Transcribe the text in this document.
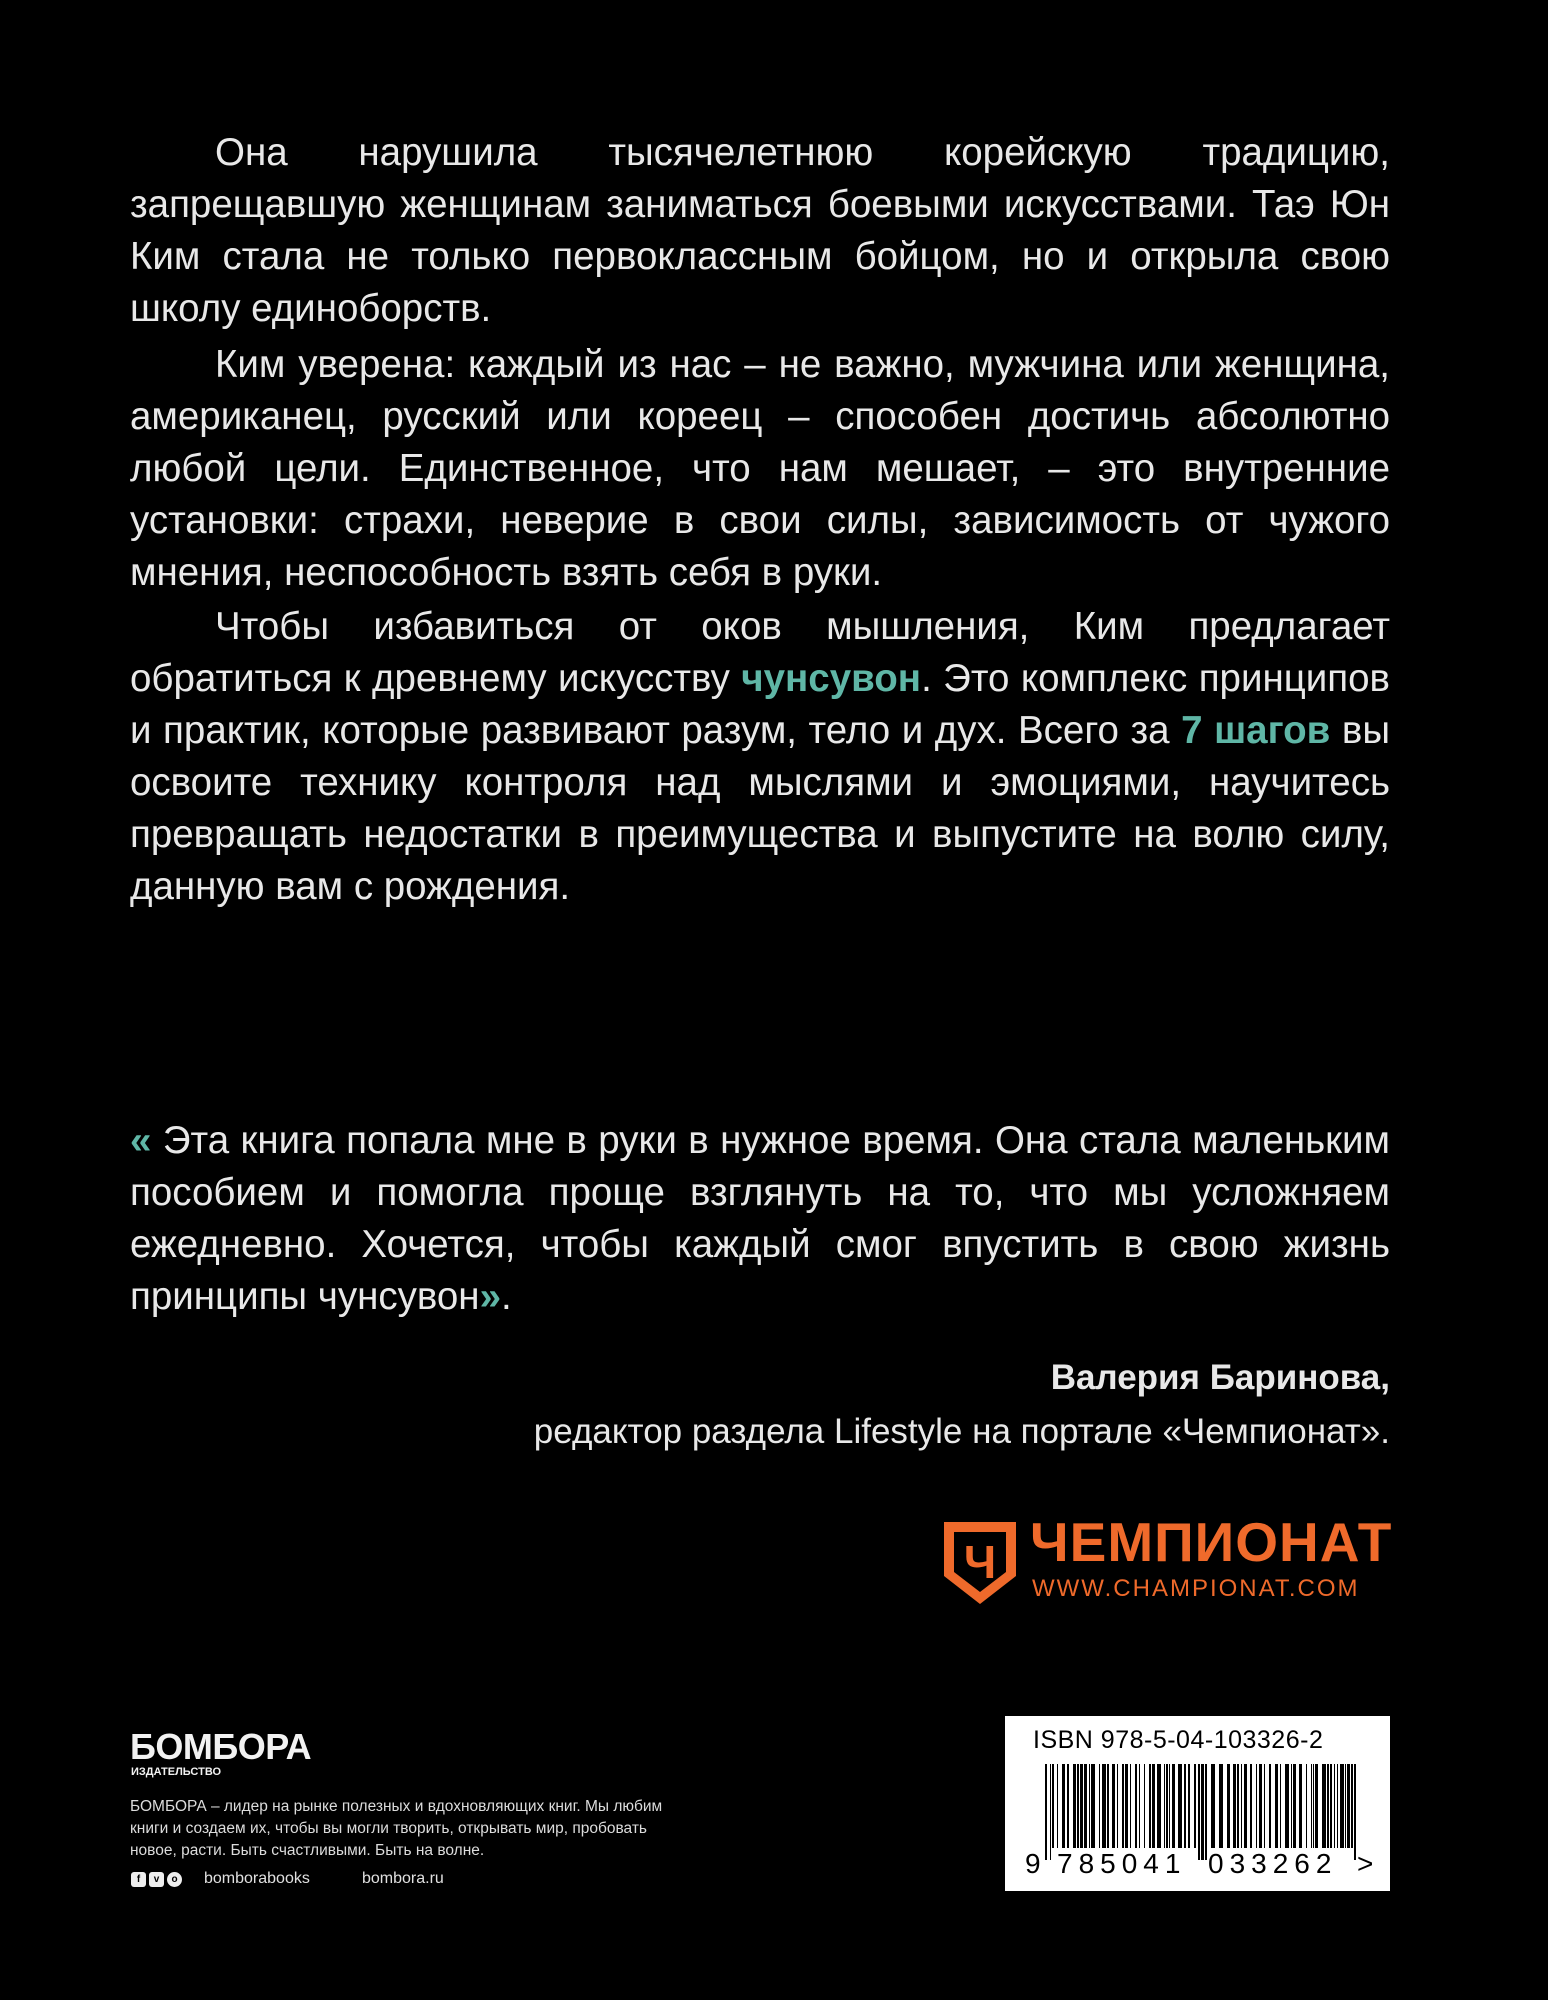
Она нарушила тысячелетнюю корейскую традицию, запрещавшую женщинам заниматься боевыми искусствами. Таэ Юн Ким стала не только первоклассным бойцом, но и открыла свою школу единоборств.

Ким уверена: каждый из нас – не важно, мужчина или женщина, американец, русский или кореец – способен достичь абсолютно любой цели. Единственное, что нам мешает, – это внутренние установки: страхи, неверие в свои силы, зависимость от чужого мнения, неспособность взять себя в руки.

Чтобы избавиться от оков мышления, Ким предлагает обратиться к древнему искусству чунсувон. Это комплекс принципов и практик, которые развивают разум, тело и дух. Всего за 7 шагов вы освоите технику контроля над мыслями и эмоциями, научитесь превращать недостатки в преимущества и выпустите на волю силу, данную вам с рождения.

« Эта книга попала мне в руки в нужное время. Она стала маленьким пособием и помогла проще взглянуть на то, что мы усложняем ежедневно. Хочется, чтобы каждый смог впустить в свою жизнь принципы чунсувон».

Валерия Баринова,
редактор раздела Lifestyle на портале «Чемпионат».
Ч ЧЕМПИОНАТ
WWW.CHAMPIONAT.COM
БОМБОРА
ИЗДАТЕЛЬСТВО

БОМБОРА – лидер на рынке полезных и вдохновляющих книг. Мы любим книги и создаем их, чтобы вы могли творить, открывать мир, пробовать новое, расти. Быть счастливыми. Быть на волне.

f	v	o bomborabooks	bombora.ru
ISBN 978-5-04-103326-2
9 785041 033262 >
